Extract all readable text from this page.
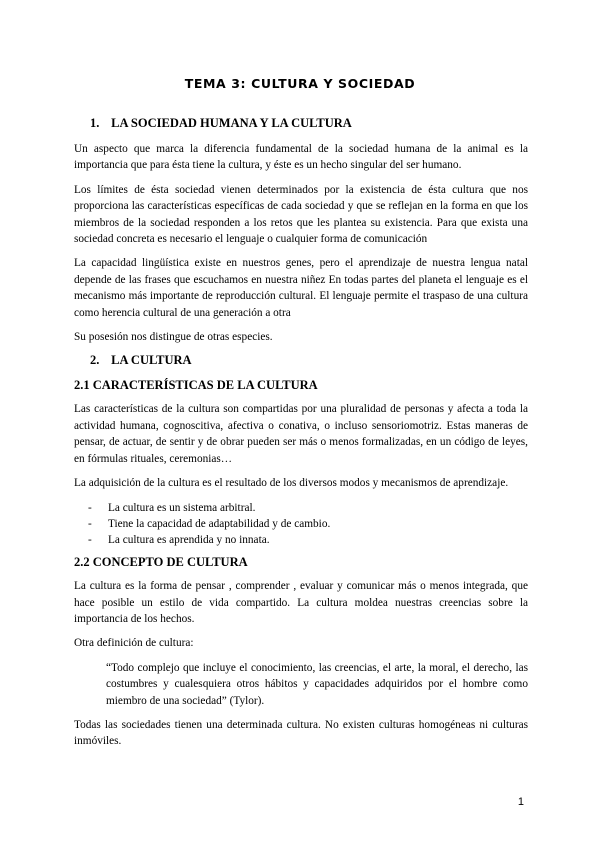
TEMA 3: CULTURA Y SOCIEDAD
1. LA SOCIEDAD HUMANA Y LA CULTURA

Un aspecto que marca la diferencia fundamental de la sociedad humana de la animal es la importancia que para ésta tiene la cultura, y éste es un hecho singular del ser humano.

Los límites de ésta sociedad vienen determinados por la existencia de ésta cultura que nos proporciona las características específicas de cada sociedad y que se reflejan en la forma en que los miembros de la sociedad responden a los retos que les plantea su existencia. Para que exista una sociedad concreta es necesario el lenguaje o cualquier forma de comunicación

La capacidad lingüística existe en nuestros genes, pero el aprendizaje de nuestra lengua natal depende de las frases que escuchamos en nuestra niñez En todas partes del planeta el lenguaje es el mecanismo más importante de reproducción cultural. El lenguaje permite el traspaso de una cultura como herencia cultural de una generación a otra

Su posesión nos distingue de otras especies.

2. LA CULTURA
2.1 CARACTERÍSTICAS DE LA CULTURA

Las características de la cultura son compartidas por una pluralidad de personas y afecta a toda la actividad humana, cognoscitiva, afectiva o conativa, o incluso sensoriomotriz. Estas maneras de pensar, de actuar, de sentir y de obrar pueden ser más o menos formalizadas, en un código de leyes, en fórmulas rituales, ceremonias…

La adquisición de la cultura es el resultado de los diversos modos y mecanismos de aprendizaje.

- La cultura es un sistema arbitral.
- Tiene la capacidad de adaptabilidad y de cambio.
- La cultura es aprendida y no innata.
2.2 CONCEPTO DE CULTURA

La cultura es la forma de pensar , comprender , evaluar y comunicar más o menos integrada, que hace posible un estilo de vida compartido. La cultura moldea nuestras creencias sobre la importancia de los hechos.

Otra definición de cultura:

“Todo complejo que incluye el conocimiento, las creencias, el arte, la moral, el derecho, las costumbres y cualesquiera otros hábitos y capacidades adquiridos por el hombre como miembro de una sociedad” (Tylor).

Todas las sociedades tienen una determinada cultura. No existen culturas homogéneas ni culturas inmóviles.

1
